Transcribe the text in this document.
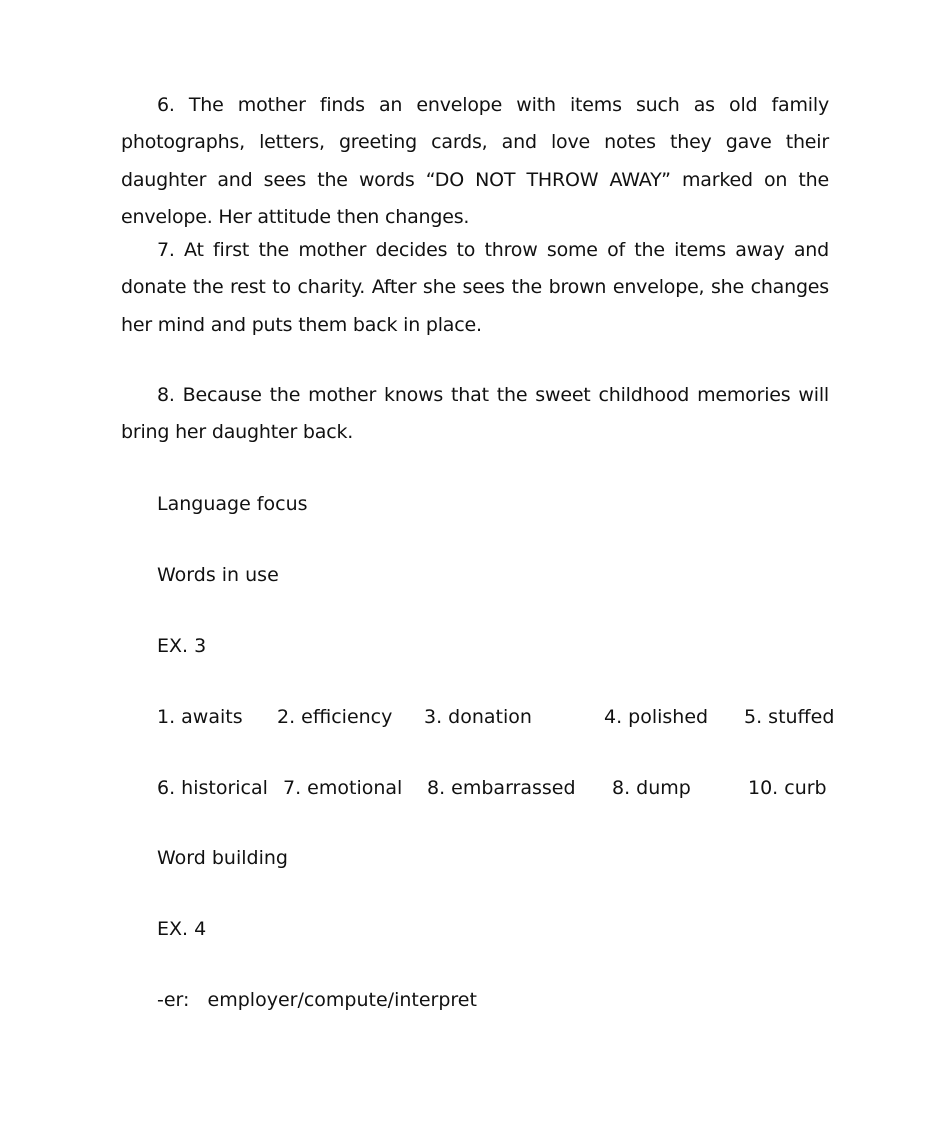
6. The mother finds an envelope with items such as old family photographs, letters, greeting cards, and love notes they gave their daughter and sees the words “DO NOT THROW AWAY” marked on the envelope. Her attitude then changes.

7. At first the mother decides to throw some of the items away and donate the rest to charity. After she sees the brown envelope, she changes her mind and puts them back in place.

8. Because the mother knows that the sweet childhood memories will bring her daughter back.

Language focus

Words in use

EX. 3

1. awaits 2. efficiency 3. donation	4. polished 5. stuffed
6. historical 7. emotional 8. embarrassed 8. dump	10. curb

Word building

EX. 4

-er:   employer/compute/interpret
